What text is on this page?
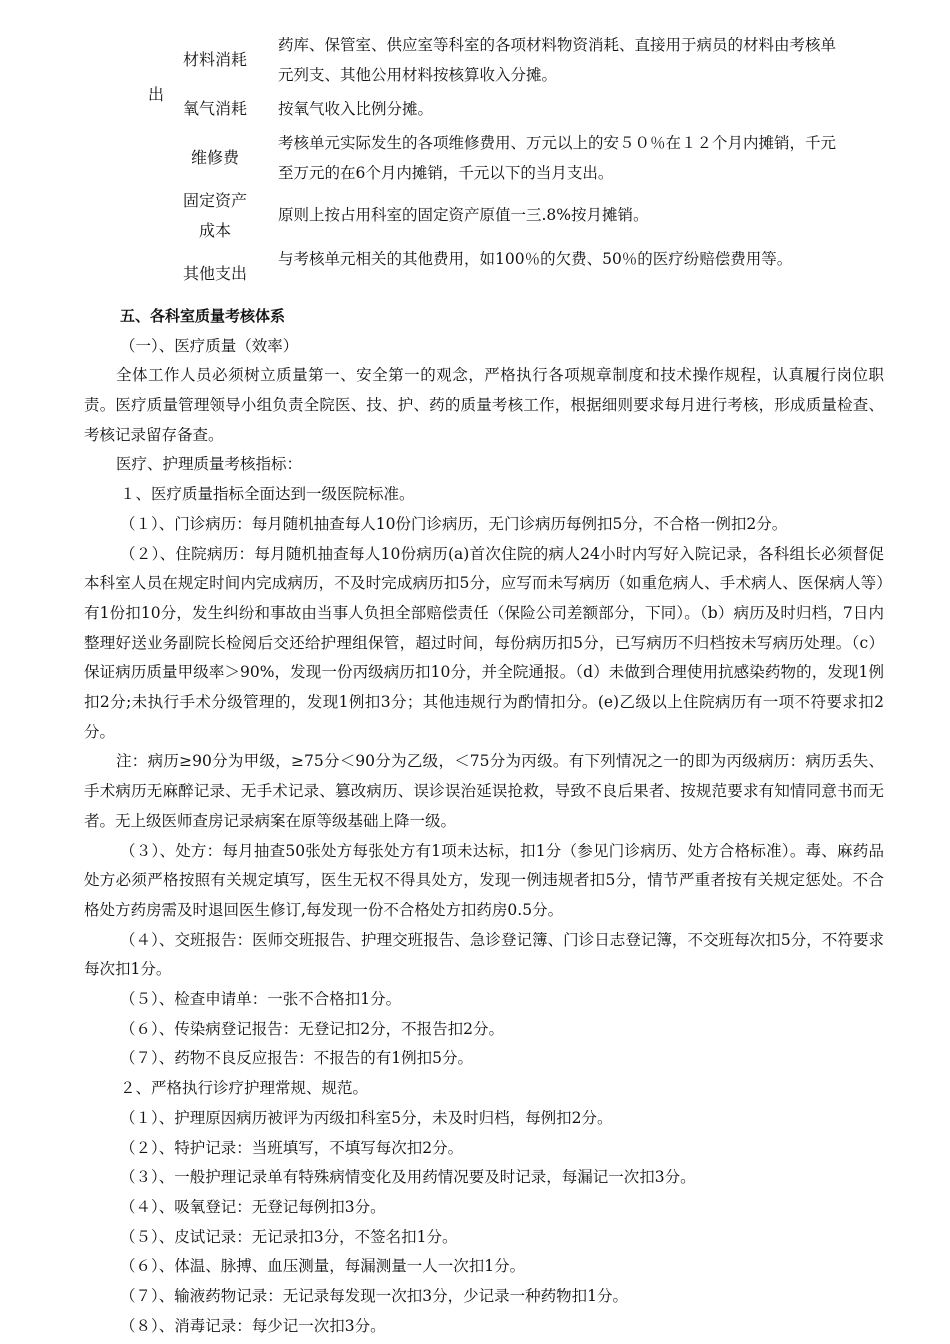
出
材料消耗
药库、保管室、供应室等科室的各项材料物资消耗、直接用于病员的材料由考核单元列支、其他公用材料按核算收入分摊。
氧气消耗	按氧气收入比例分摊。
维修费
考核单元实际发生的各项维修费用、万元以上的安５０％在１２个月内摊销，千元至万元的在6个月内摊销，千元以下的当月支出。
固定资产成本
原则上按占用科室的固定资产原值一三.8%按月摊销。
其他支出
与考核单元相关的其他费用，如100％的欠费、50％的医疗纷赔偿费用等。
五、各科室质量考核体系
（一）、医疗质量（效率）

全体工作人员必须树立质量第一、安全第一的观念，严格执行各项规章制度和技术操作规程，认真履行岗位职责。医疗质量管理领导小组负责全院医、技、护、药的质量考核工作，根据细则要求每月进行考核，形成质量检查、考核记录留存备查。

医疗、护理质量考核指标：
１、医疗质量指标全面达到一级医院标准。
（１）、门诊病历：每月随机抽查每人10份门诊病历，无门诊病历每例扣5分，不合格一例扣2分。

（２）、住院病历：每月随机抽查每人10份病历(a)首次住院的病人24小时内写好入院记录，各科组长必须督促本科室人员在规定时间内完成病历，不及时完成病历扣5分，应写而未写病历（如重危病人、手术病人、医保病人等）有1份扣10分，发生纠纷和事故由当事人负担全部赔偿责任（保险公司差额部分，下同）。（b）病历及时归档，7日内整理好送业务副院长检阅后交还给护理组保管，超过时间，每份病历扣5分，已写病历不归档按未写病历处理。（c）保证病历质量甲级率＞90%，发现一份丙级病历扣10分，并全院通报。（d）未做到合理使用抗感染药物的，发现1例扣2分;未执行手术分级管理的，发现1例扣3分；其他违规行为酌情扣分。(e)乙级以上住院病历有一项不符要求扣2分。

注：病历≥90分为甲级，≥75分＜90分为乙级，＜75分为丙级。有下列情况之一的即为丙级病历：病历丢失、手术病历无麻醉记录、无手术记录、篡改病历、误诊误治延误抢救，导致不良后果者、按规范要求有知情同意书而无者。无上级医师查房记录病案在原等级基础上降一级。

（３）、处方：每月抽查50张处方每张处方有1项未达标，扣1分（参见门诊病历、处方合格标准）。毒、麻药品处方必须严格按照有关规定填写，医生无权不得具处方，发现一例违规者扣5分，情节严重者按有关规定惩处。不合格处方药房需及时退回医生修订,每发现一份不合格处方扣药房0.5分。

（４）、交班报告：医师交班报告、护理交班报告、急诊登记簿、门诊日志登记簿，不交班每次扣5分，不符要求每次扣1分。

（５）、检查申请单：一张不合格扣1分。
（６）、传染病登记报告：无登记扣2分，不报告扣2分。
（７）、药物不良反应报告：不报告的有1例扣5分。
２、严格执行诊疗护理常规、规范。
（１）、护理原因病历被评为丙级扣科室5分，未及时归档，每例扣2分。
（２）、特护记录：当班填写，不填写每次扣2分。
（３）、一般护理记录单有特殊病情变化及用药情况要及时记录，每漏记一次扣3分。
（４）、吸氧登记：无登记每例扣3分。
（５）、皮试记录：无记录扣3分，不签名扣1分。
（６）、体温、脉搏、血压测量，每漏测量一人一次扣1分。
（７）、输液药物记录：无记录每发现一次扣3分，少记录一种药物扣1分。
（８）、消毒记录：每少记一次扣3分。
